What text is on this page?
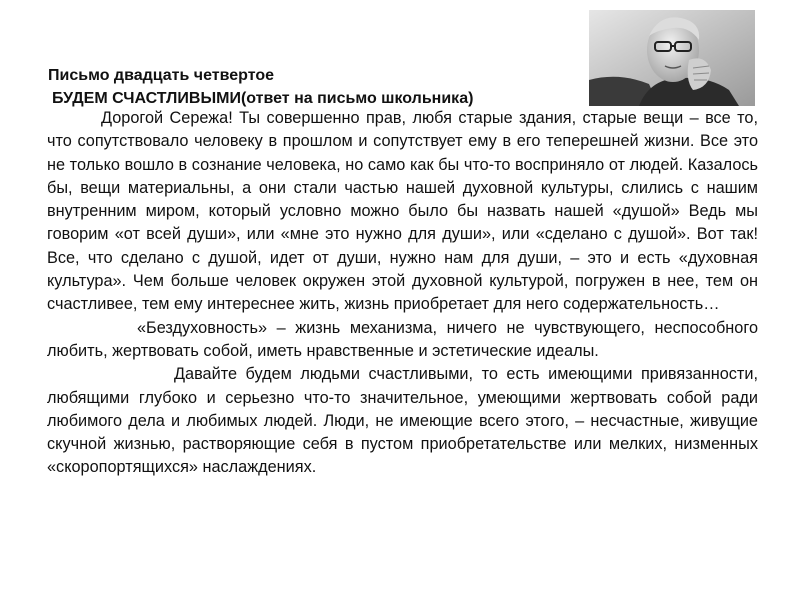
Письмо двадцать четвертое
БУДЕМ СЧАСТЛИВЫМИ(ответ на письмо школьника)

Дорогой Сережа! Ты совершенно прав, любя старые здания, старые вещи – все то, что сопутствовало человеку в прошлом и сопутствует ему в его теперешней жизни. Все это не только вошло в сознание человека, но само как бы что-то восприняло от людей. Казалось бы, вещи материальны, а они стали частью нашей духовной культуры, слились с нашим внутренним миром, который условно можно было бы назвать нашей «душой» Ведь мы говорим «от всей души», или «мне это нужно для души», или «сделано с душой». Вот так! Все, что сделано с душой, идет от души, нужно нам для души, – это и есть «духовная культура». Чем больше человек окружен этой духовной культурой, погружен в нее, тем он счастливее, тем ему интереснее жить, жизнь приобретает для него содержательность…

«Бездуховность» – жизнь механизма, ничего не чувствующего, неспособного любить, жертвовать собой, иметь нравственные и эстетические идеалы.

Давайте будем людьми счастливыми, то есть имеющими привязанности, любящими глубоко и серьезно что-то значительное, умеющими жертвовать собой ради любимого дела и любимых людей. Люди, не имеющие всего этого, – несчастные, живущие скучной жизнью, растворяющие себя в пустом приобретательстве или мелких, низменных «скоропортящихся» наслаждениях.
